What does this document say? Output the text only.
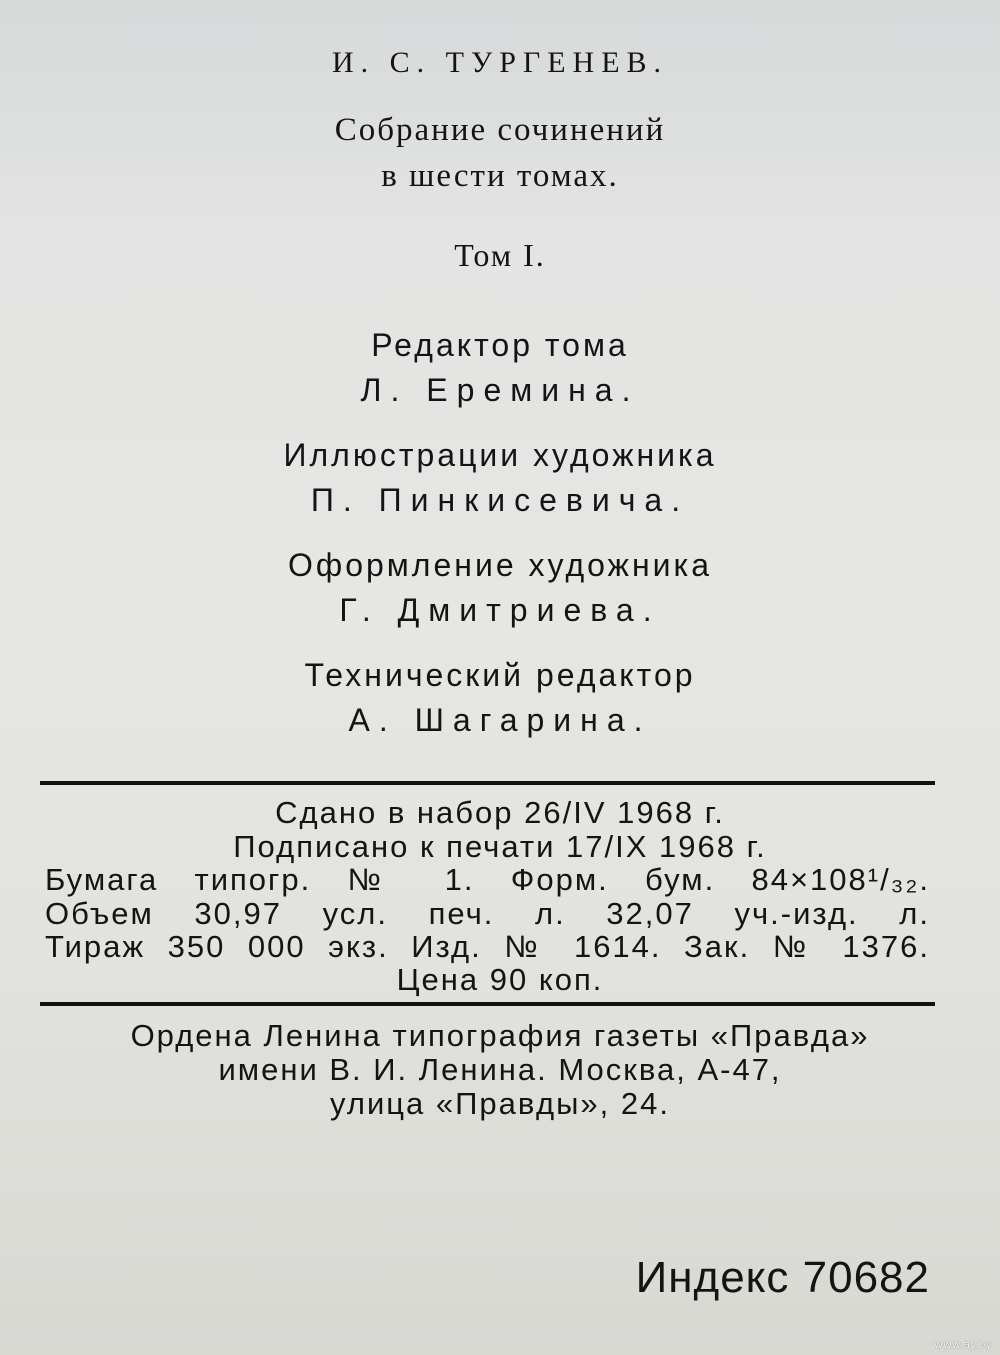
И. С. ТУРГЕНЕВ.
Собрание сочинений
в шести томах.
Том I.
Редактор тома
Л. Еремина.
Иллюстрации художника
П. Пинкисевича.
Оформление художника
Г. Дмитриева.
Технический редактор
А. Шагарина.
Сдано в набор 26/IV 1968 г.
Подписано к печати 17/IX 1968 г.
Бумага типогр. № 1. Форм. бум. 84×108¹/₃₂.
Объем 30,97 усл. печ. л. 32,07 уч.-изд. л.
Тираж 350 000 экз. Изд. № 1614. Зак. № 1376.
Цена 90 коп.
Ордена Ленина типография газеты «Правда»
имени В. И. Ленина. Москва, А-47,
улица «Правды», 24.
Индекс 70682
www.ay.by
